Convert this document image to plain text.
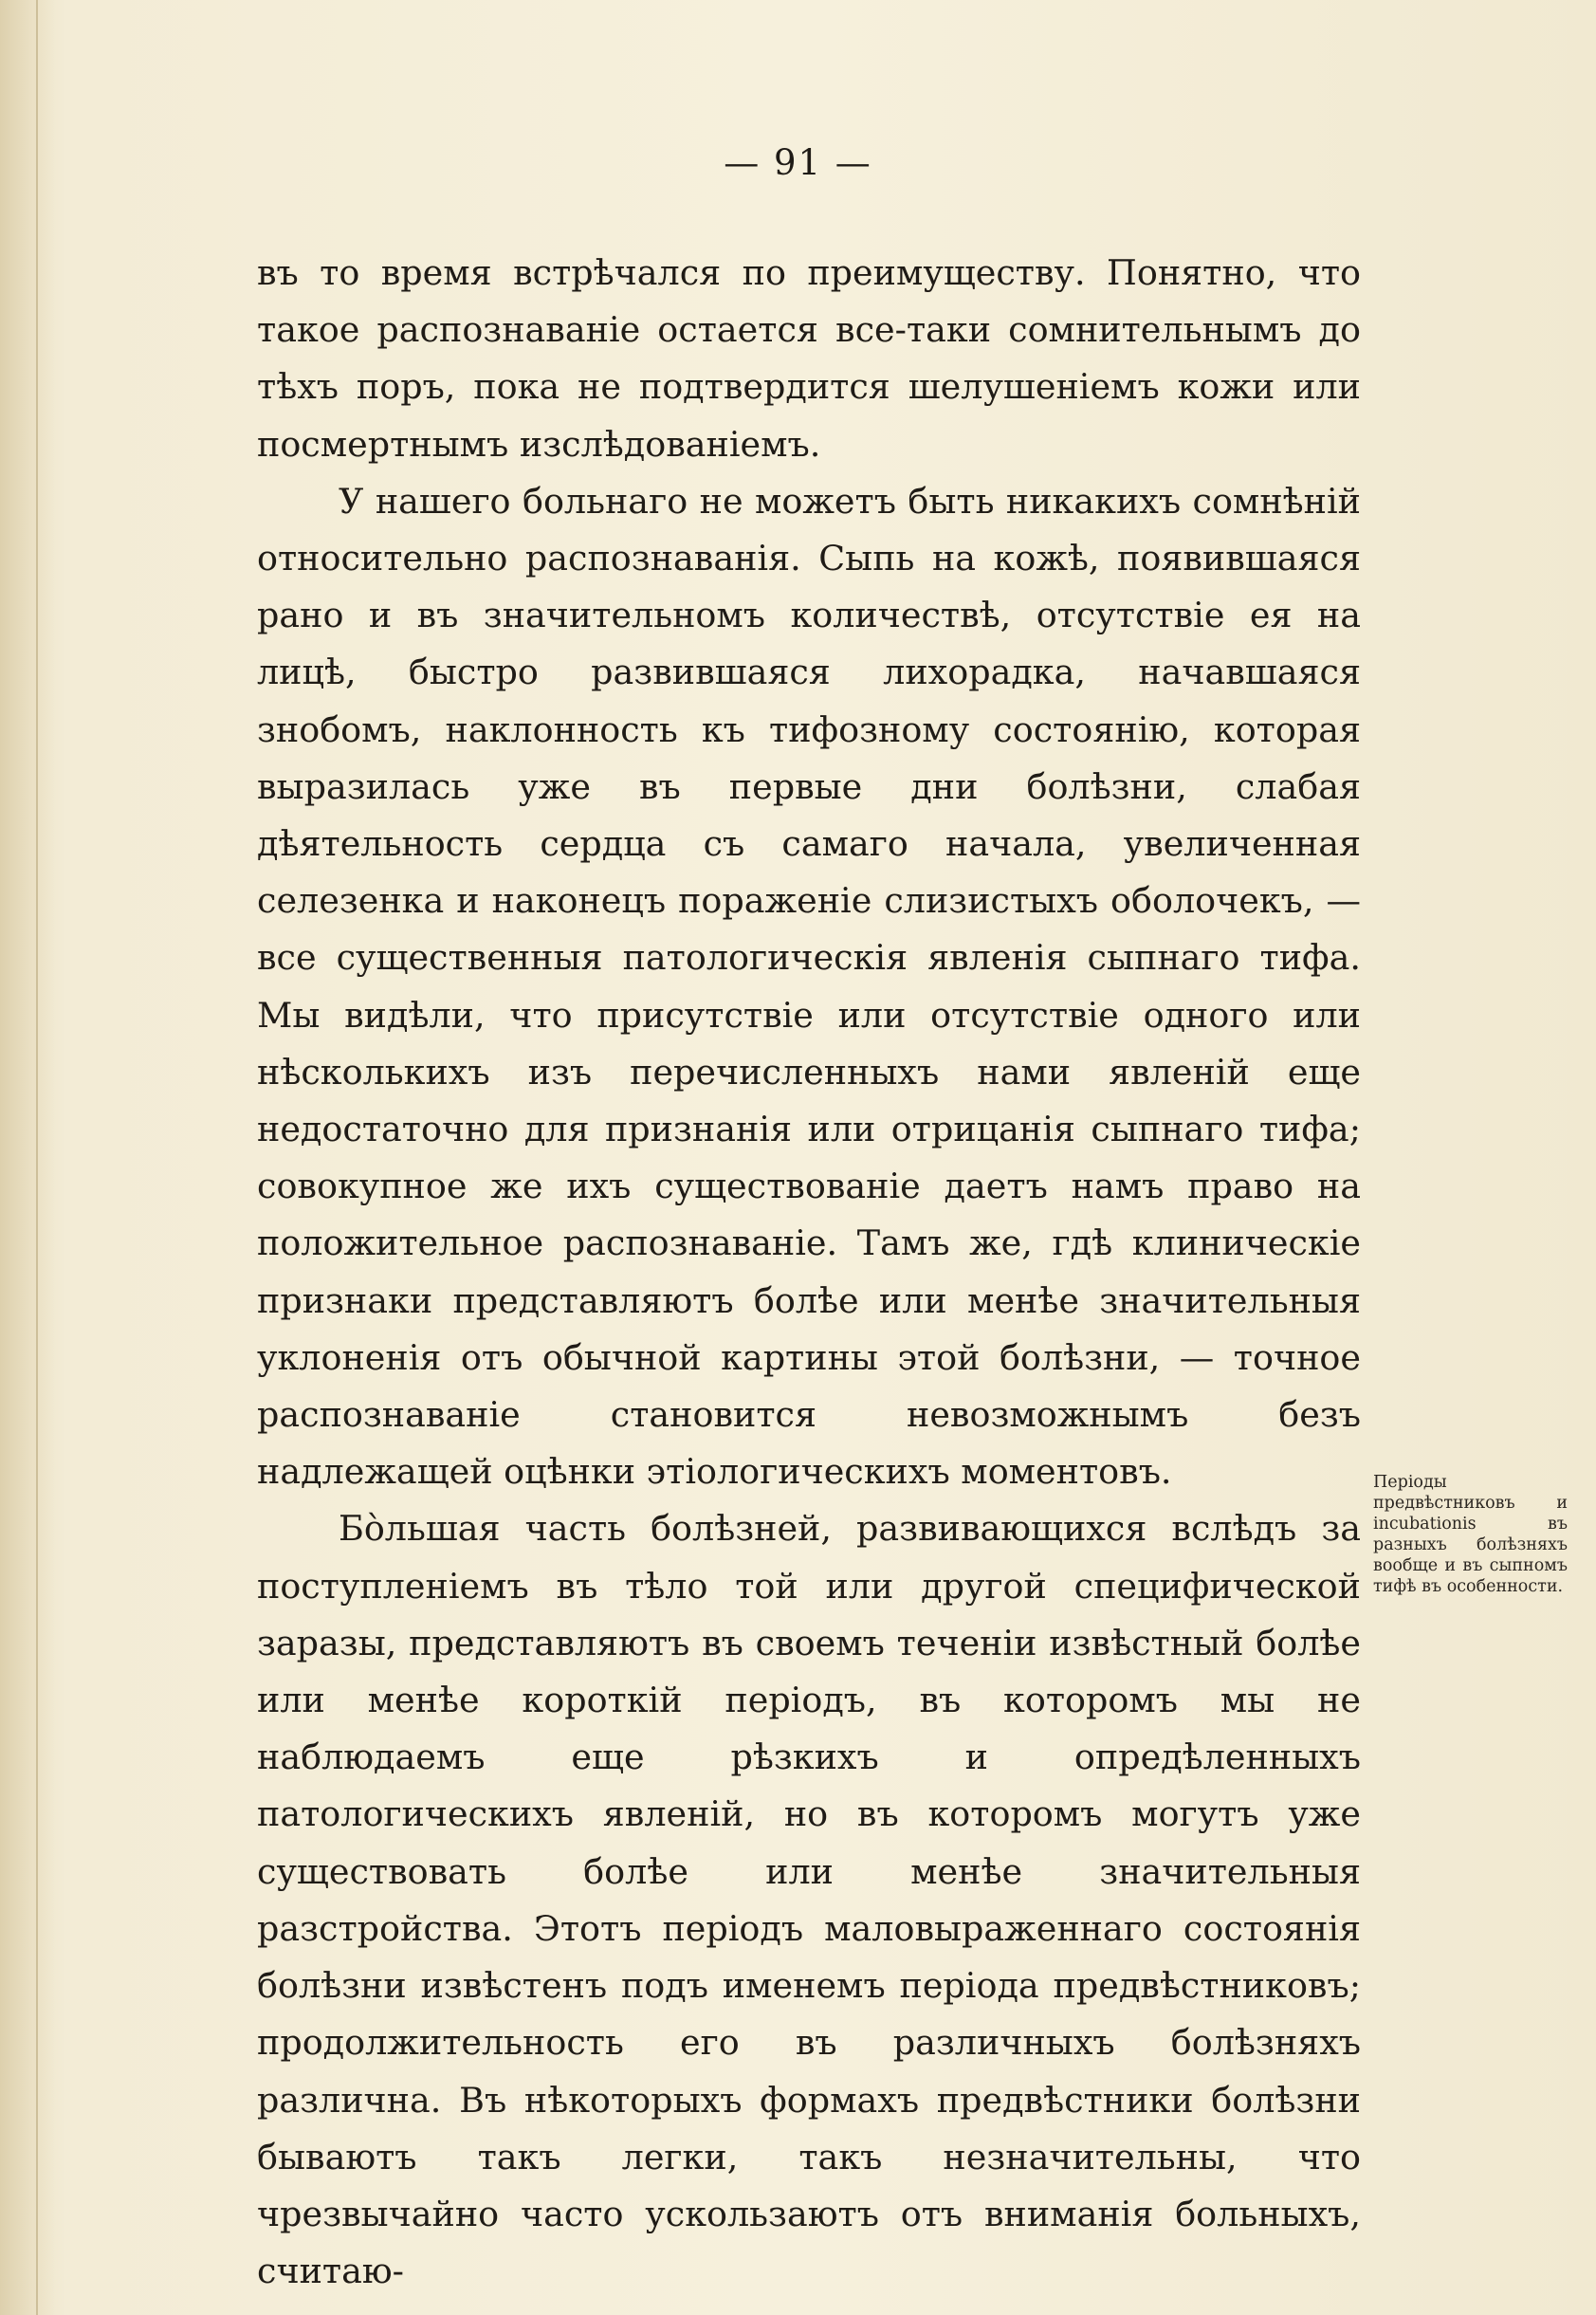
— 91 —

въ то время встрѣчался по преимуществу. Понятно, что такое распознаванiе остается все-таки сомнительнымъ до тѣхъ поръ, пока не подтвердится шелушенiемъ кожи или посмертнымъ изслѣдованiемъ.

У нашего больнаго не можетъ быть никакихъ сомнѣнiй относительно распознаванiя. Сыпь на кожѣ, появившаяся рано и въ значительномъ количествѣ, отсутствiе ея на лицѣ, быстро развившаяся лихорадка, начавшаяся знобомъ, наклонность къ тифозному состоянiю, которая выразилась уже въ первые дни болѣзни, слабая дѣятельность сердца съ самаго начала, увеличенная селезенка и наконецъ пораженiе слизистыхъ оболочекъ, — все существенныя патологическiя явленiя сыпнаго тифа. Мы видѣли, что присутствiе или отсутствiе одного или нѣсколькихъ изъ перечисленныхъ нами явленiй еще недостаточно для признанiя или отрицанiя сыпнаго тифа; совокупное же ихъ существованiе даетъ намъ право на положительное распознаванiе. Тамъ же, гдѣ клиническiе признаки представляютъ болѣе или менѣе значительныя уклоненiя отъ обычной картины этой болѣзни, — точное распознаванiе становится невозможнымъ безъ надлежащей оцѣнки этiологическихъ моментовъ.

Бо̀льшая часть болѣзней, развивающихся вслѣдъ за поступленiемъ въ тѣло той или другой специфической заразы, представляютъ въ своемъ теченiи извѣстный болѣе или менѣе короткiй перiодъ, въ которомъ мы не наблюдаемъ еще рѣзкихъ и опредѣленныхъ патологическихъ явленiй, но въ которомъ могутъ уже существовать болѣе или менѣе значительныя разстройства. Этотъ перiодъ маловыраженнаго состоянiя болѣзни извѣстенъ подъ именемъ перiода предвѣстниковъ; продолжительность его въ различныхъ болѣзняхъ различна. Въ нѣкоторыхъ формахъ предвѣстники болѣзни бываютъ такъ легки, такъ незначительны, что чрезвычайно часто ускользаютъ отъ вниманiя больныхъ, считаю-

Перiоды предвѣстниковъ и incubationis въ разныхъ болѣзняхъ вообще и въ сыпномъ тифѣ въ особенности.
